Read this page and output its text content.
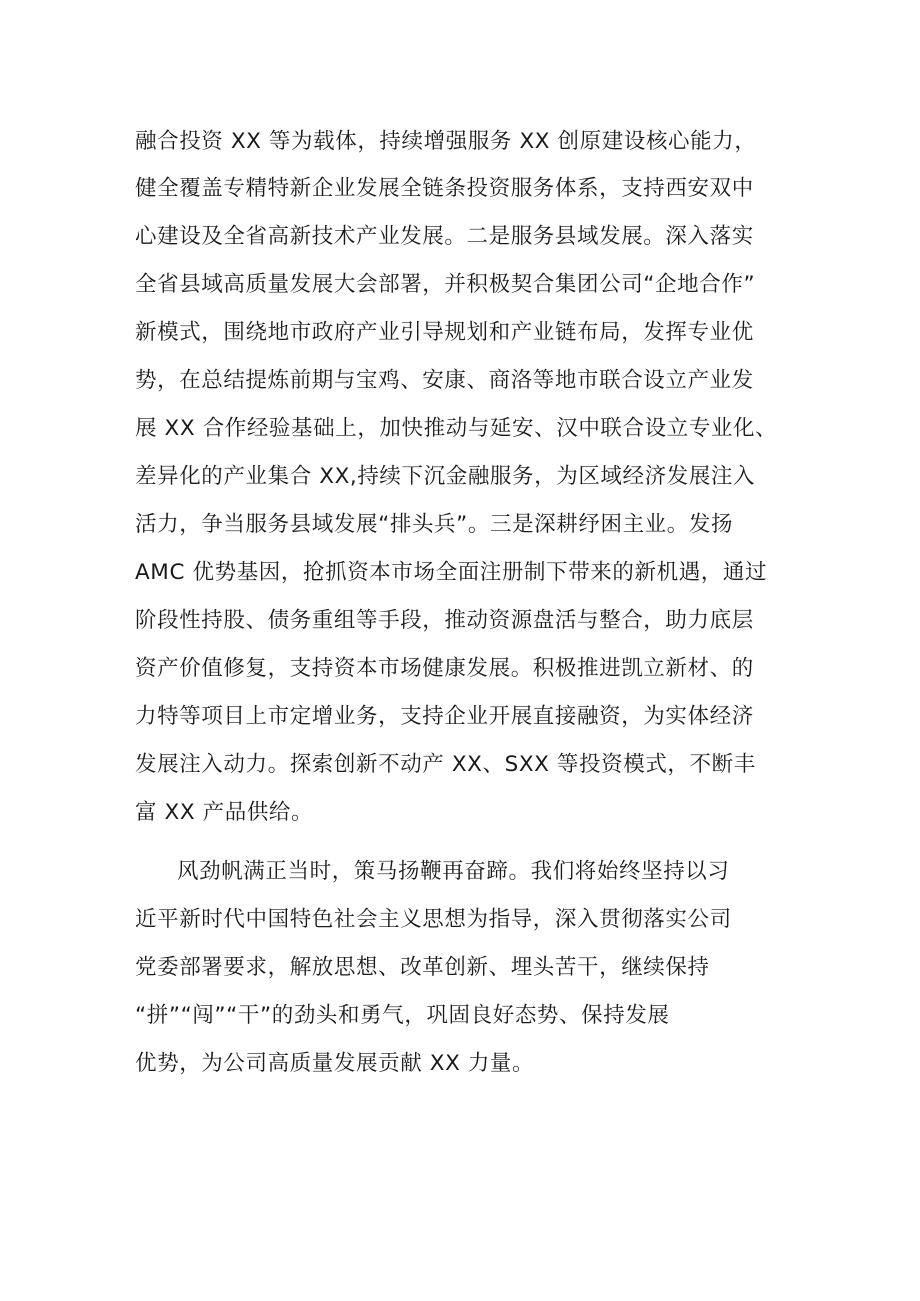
融合投资 XX 等为载体，持续增强服务 XX 创原建设核心能力，
健全覆盖专精特新企业发展全链条投资服务体系，支持西安双中
心建设及全省高新技术产业发展。二是服务县域发展。深入落实
全省县域高质量发展大会部署，并积极契合集团公司“企地合作”
新模式，围绕地市政府产业引导规划和产业链布局，发挥专业优
势，在总结提炼前期与宝鸡、安康、商洛等地市联合设立产业发
展 XX 合作经验基础上，加快推动与延安、汉中联合设立专业化、
差异化的产业集合 XX,持续下沉金融服务，为区域经济发展注入
活力，争当服务县域发展“排头兵”。三是深耕纾困主业。发扬
AMC 优势基因，抢抓资本市场全面注册制下带来的新机遇，通过
阶段性持股、债务重组等手段，推动资源盘活与整合，助力底层
资产价值修复，支持资本市场健康发展。积极推进凯立新材、的
力特等项目上市定增业务，支持企业开展直接融资，为实体经济
发展注入动力。探索创新不动产 XX、SXX 等投资模式，不断丰
富 XX 产品供给。
风劲帆满正当时，策马扬鞭再奋蹄。我们将始终坚持以习
近平新时代中国特色社会主义思想为指导，深入贯彻落实公司
党委部署要求，解放思想、改革创新、埋头苦干，继续保持
“拼”“闯”“干”的劲头和勇气，巩固良好态势、保持发展
优势，为公司高质量发展贡献 XX 力量。
